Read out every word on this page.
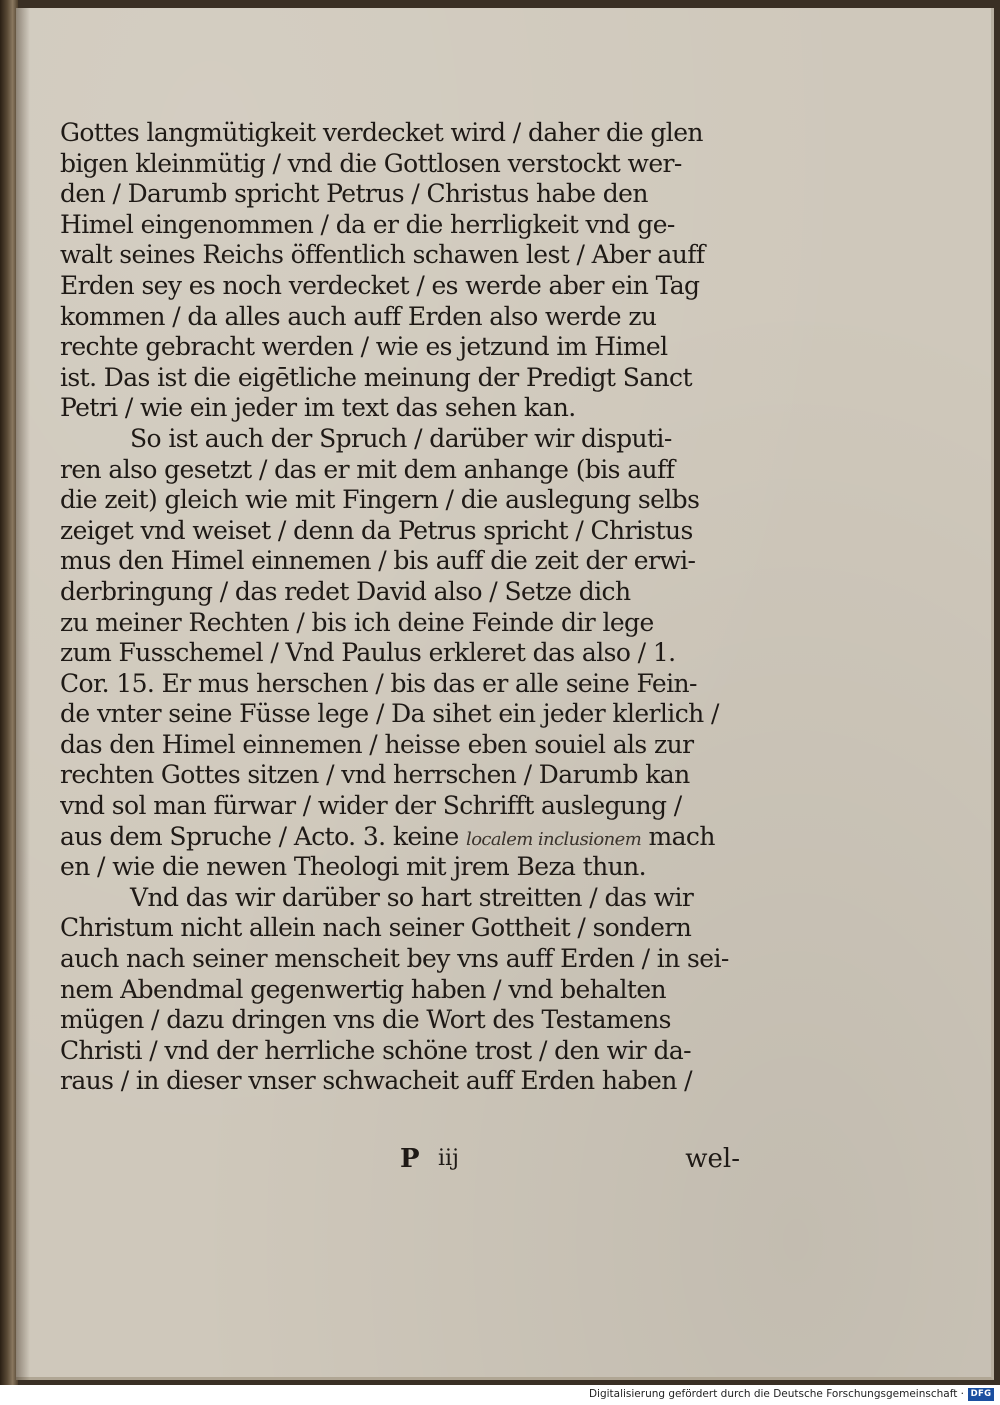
Gottes langmütigkeit verdecket wird / daher die glen
bigen kleinmütig / vnd die Gottlosen verstockt wer-
den / Darumb spricht Petrus / Christus habe den
Himel eingenommen / da er die herrligkeit vnd ge-
walt seines Reichs öffentlich schawen lest / Aber auff
Erden sey es noch verdecket / es werde aber ein Tag
kommen / da alles auch auff Erden also werde zu
rechte gebracht werden / wie es jetzund im Himel
ist. Das ist die eigētliche meinung der Predigt Sanct
Petri / wie ein jeder im text das sehen kan.
So ist auch der Spruch / darüber wir disputi-
ren also gesetzt / das er mit dem anhange (bis auff
die zeit) gleich wie mit Fingern / die auslegung selbs
zeiget vnd weiset / denn da Petrus spricht / Christus
mus den Himel einnemen / bis auff die zeit der erwi-
derbringung / das redet David also / Setze dich
zu meiner Rechten / bis ich deine Feinde dir lege
zum Fusschemel / Vnd Paulus erkleret das also / 1.
Cor. 15. Er mus herschen / bis das er alle seine Fein-
de vnter seine Füsse lege / Da sihet ein jeder klerlich /
das den Himel einnemen / heisse eben souiel als zur
rechten Gottes sitzen / vnd herrschen / Darumb kan
vnd sol man fürwar / wider der Schrifft auslegung /
aus dem Spruche / Acto. 3. keine localem inclusionem mach
en / wie die newen Theologi mit jrem Beza thun.
Vnd das wir darüber so hart streitten / das wir
Christum nicht allein nach seiner Gottheit / sondern
auch nach seiner menscheit bey vns auff Erden / in sei-
nem Abendmal gegenwertig haben / vnd behalten
mügen / dazu dringen vns die Wort des Testamens
Christi / vnd der herrliche schöne trost / den wir da-
raus / in dieser vnser schwacheit auff Erden haben /
P iij	wel-
Digitalisierung gefördert durch die Deutsche Forschungsgemeinschaft · DFG
